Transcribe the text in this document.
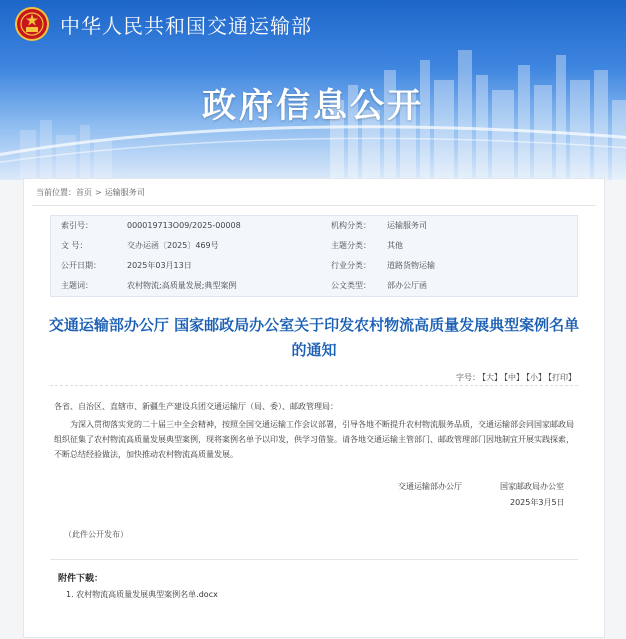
中华人民共和国交通运输部
政府信息公开
当前位置：首页 > 运输服务司
索引号：	000019713O09/2025-00008	机构分类： 运输服务司
文 号：	交办运函〔2025〕469号	主题分类： 其他
公开日期：	2025年03月13日	行业分类： 道路货物运输
主题词：	农村物流;高质量发展;典型案例	公文类型： 部办公厅函
交通运输部办公厅 国家邮政局办公室关于印发农村物流高质量发展典型案例名单的通知
字号： 【大】 【中】 【小】 【打印】
各省、自治区、直辖市、新疆生产建设兵团交通运输厅（局、委）、邮政管理局：
为深入贯彻落实党的二十届三中全会精神，按照全国交通运输工作会议部署，引导各地不断提升农村物流服务品质，交通运输部会同国家邮政局组织征集了农村物流高质量发展典型案例，现将案例名单予以印发，供学习借鉴。请各地交通运输主管部门、邮政管理部门因地制宜开展实践探索，不断总结经验做法，加快推动农村物流高质量发展。
交通运输部办公厅	国家邮政局办公室
2025年3月5日
（此件公开发布）
附件下载：
1. 农村物流高质量发展典型案例名单.docx
